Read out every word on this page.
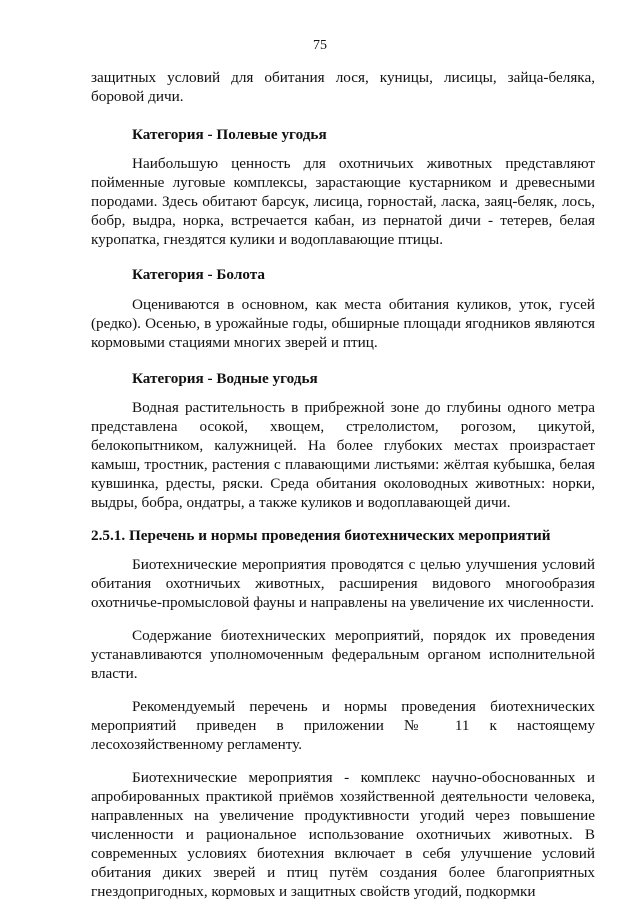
75

защитных условий для обитания лося, куницы, лисицы, зайца-беляка, боровой дичи.

Категория - Полевые угодья

Наибольшую ценность для охотничьих животных представляют пойменные луговые комплексы, зарастающие кустарником и древесными породами. Здесь обитают барсук, лисица, горностай, ласка, заяц-беляк, лось, бобр, выдра, норка, встречается кабан, из пернатой дичи - тетерев, белая куропатка, гнездятся кулики и водоплавающие птицы.

Категория - Болота

Оцениваются в основном, как места обитания куликов, уток, гусей (редко). Осенью, в урожайные годы, обширные площади ягодников являются кормовыми стациями многих зверей и птиц.

Категория - Водные угодья

Водная растительность в прибрежной зоне до глубины одного метра представлена осокой, хвощем, стрелолистом, рогозом, цикутой, белокопытником, калужницей. На более глубоких местах произрастает камыш, тростник, растения с плавающими листьями: жёлтая кубышка, белая кувшинка, рдесты, ряски. Среда обитания околоводных животных: норки, выдры, бобра, ондатры, а также куликов и водоплавающей дичи.

2.5.1. Перечень и нормы проведения биотехнических мероприятий

Биотехнические мероприятия проводятся с целью улучшения условий обитания охотничьих животных, расширения видового многообразия охотничье-промысловой фауны и направлены на увеличение их численности.

Содержание биотехнических мероприятий, порядок их проведения устанавливаются уполномоченным федеральным органом исполнительной власти.

Рекомендуемый перечень и нормы проведения биотехнических мероприятий приведен в приложении № 11 к настоящему лесохозяйственному регламенту.

Биотехнические мероприятия - комплекс научно-обоснованных и апробированных практикой приёмов хозяйственной деятельности человека, направленных на увеличение продуктивности угодий через повышение численности и рациональное использование охотничьих животных. В современных условиях биотехния включает в себя улучшение условий обитания диких зверей и птиц путём создания более благоприятных гнездопригодных, кормовых и защитных свойств угодий, подкормки
